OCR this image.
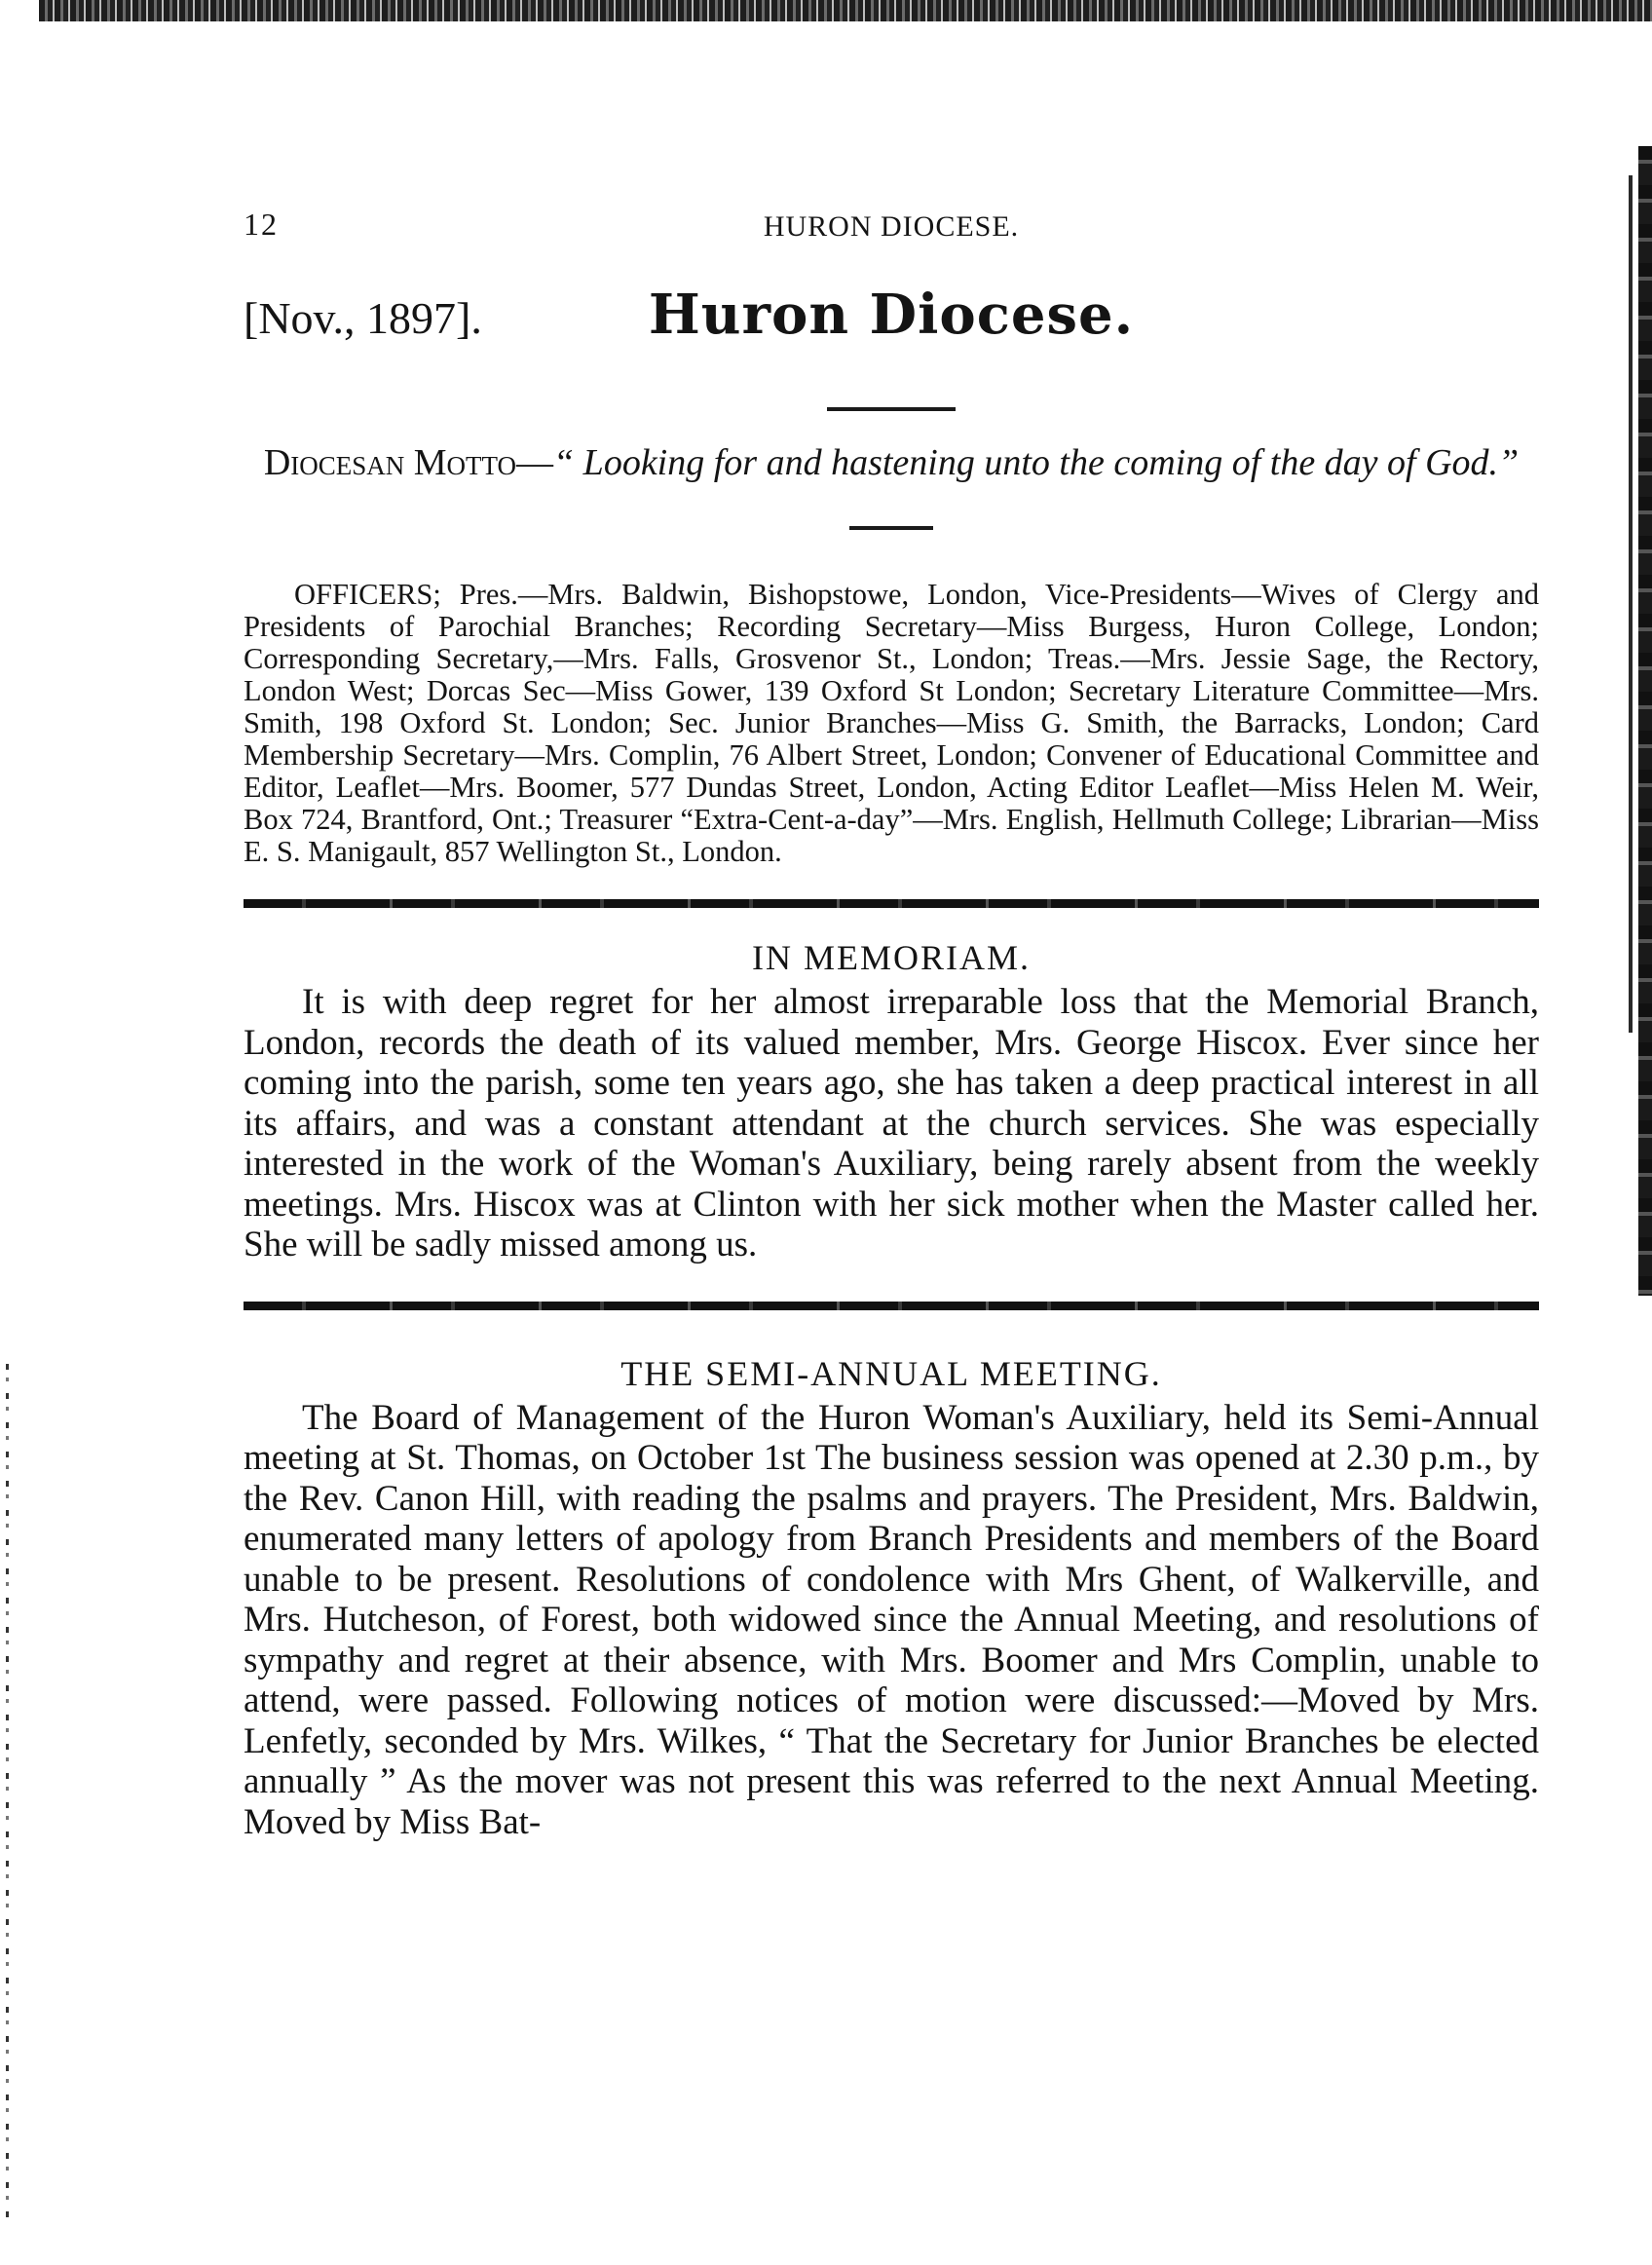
12	HURON DIOCESE.
[Nov., 1897].	Huron Diocese.
Diocesan Motto—“ Looking for and hastening unto the coming of the day of God.”

OFFICERS; Pres.—Mrs. Baldwin, Bishopstowe, London, Vice-Presidents—Wives of Clergy and Presidents of Parochial Branches; Recording Secretary—Miss Burgess, Huron College, London; Corresponding Secretary,—Mrs. Falls, Grosvenor St., London; Treas.—Mrs. Jessie Sage, the Rectory, London West; Dorcas Sec—Miss Gower, 139 Oxford St London; Secretary Literature Committee—Mrs. Smith, 198 Oxford St. London; Sec. Junior Branches—Miss G. Smith, the Barracks, London; Card Membership Secretary—Mrs. Complin, 76 Albert Street, London; Convener of Educational Committee and Editor, Leaflet—Mrs. Boomer, 577 Dundas Street, London, Acting Editor Leaflet—Miss Helen M. Weir, Box 724, Brantford, Ont.; Treasurer “Extra-Cent-a-day”—Mrs. English, Hellmuth College; Librarian—Miss E. S. Manigault, 857 Wellington St., London.

IN MEMORIAM.

It is with deep regret for her almost irreparable loss that the Memorial Branch, London, records the death of its valued member, Mrs. George Hiscox. Ever since her coming into the parish, some ten years ago, she has taken a deep practical interest in all its affairs, and was a constant attendant at the church services. She was especially interested in the work of the Woman's Auxiliary, being rarely absent from the weekly meetings. Mrs. Hiscox was at Clinton with her sick mother when the Master called her. She will be sadly missed among us.

THE SEMI-ANNUAL MEETING.

The Board of Management of the Huron Woman's Auxiliary, held its Semi-Annual meeting at St. Thomas, on October 1st The business session was opened at 2.30 p.m., by the Rev. Canon Hill, with reading the psalms and prayers. The President, Mrs. Baldwin, enumerated many letters of apology from Branch Presidents and members of the Board unable to be present. Resolutions of condolence with Mrs Ghent, of Walkerville, and Mrs. Hutcheson, of Forest, both widowed since the Annual Meeting, and resolutions of sympathy and regret at their absence, with Mrs. Boomer and Mrs Complin, unable to attend, were passed. Following notices of motion were discussed:—Moved by Mrs. Lenfetly, seconded by Mrs. Wilkes, “ That the Secretary for Junior Branches be elected annually ” As the mover was not present this was referred to the next Annual Meeting. Moved by Miss Bat-
